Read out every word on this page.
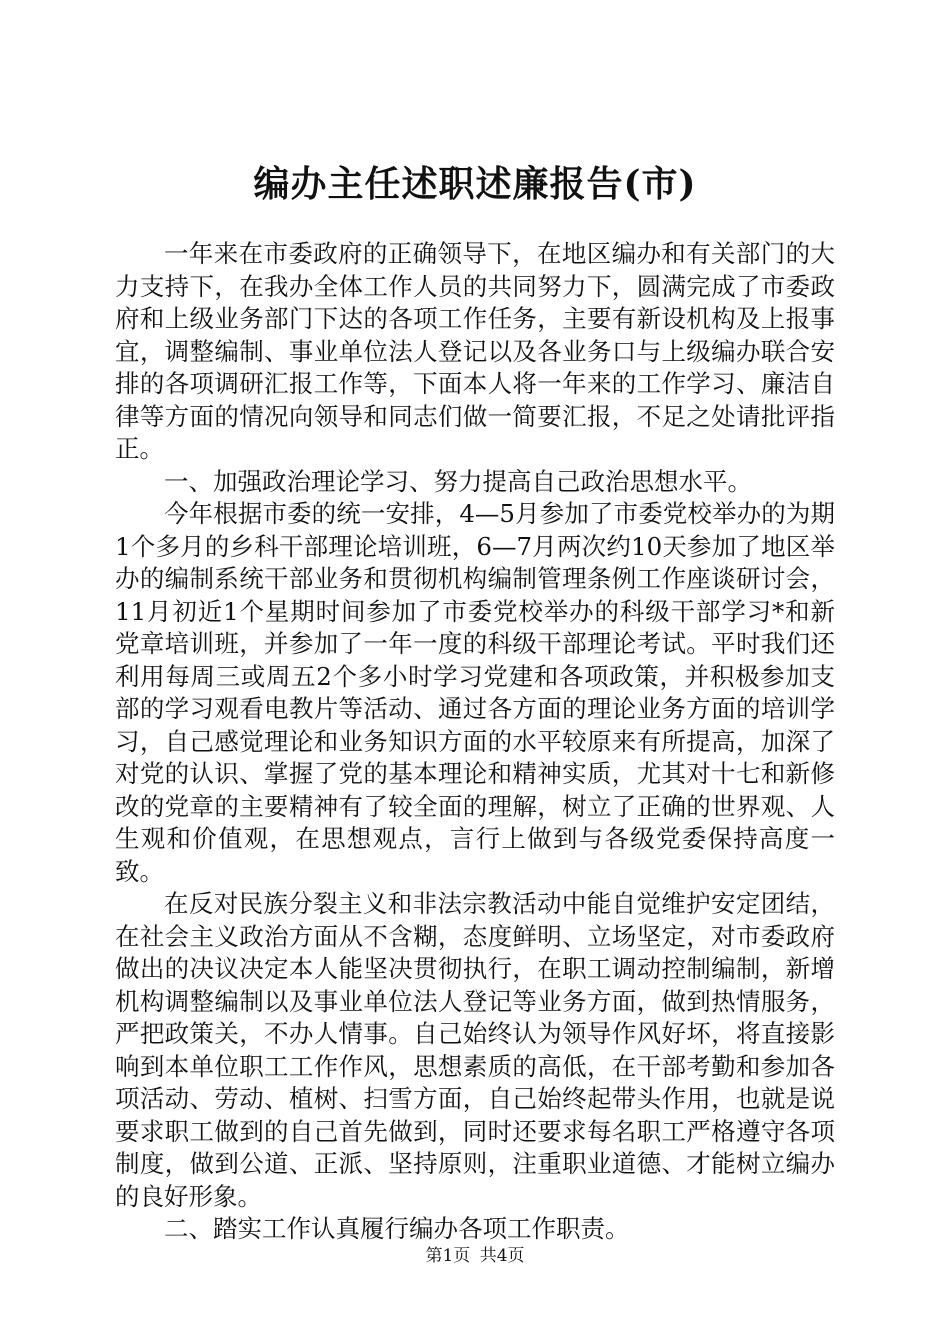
编办主任述职述廉报告(市)

一年来在市委政府的正确领导下，在地区编办和有关部门的大力支持下，在我办全体工作人员的共同努力下，圆满完成了市委政府和上级业务部门下达的各项工作任务，主要有新设机构及上报事宜，调整编制、事业单位法人登记以及各业务口与上级编办联合安排的各项调研汇报工作等，下面本人将一年来的工作学习、廉洁自律等方面的情况向领导和同志们做一简要汇报，不足之处请批评指正。

一、加强政治理论学习、努力提高自己政治思想水平。

今年根据市委的统一安排，4—5月参加了市委党校举办的为期1个多月的乡科干部理论培训班，6—7月两次约10天参加了地区举办的编制系统干部业务和贯彻机构编制管理条例工作座谈研讨会，11月初近1个星期时间参加了市委党校举办的科级干部学习*和新党章培训班，并参加了一年一度的科级干部理论考试。平时我们还利用每周三或周五2个多小时学习党建和各项政策，并积极参加支部的学习观看电教片等活动、通过各方面的理论业务方面的培训学习，自己感觉理论和业务知识方面的水平较原来有所提高，加深了对党的认识、掌握了党的基本理论和精神实质，尤其对十七和新修改的党章的主要精神有了较全面的理解，树立了正确的世界观、人生观和价值观，在思想观点，言行上做到与各级党委保持高度一致。

在反对民族分裂主义和非法宗教活动中能自觉维护安定团结，在社会主义政治方面从不含糊，态度鲜明、立场坚定，对市委政府做出的决议决定本人能坚决贯彻执行，在职工调动控制编制，新增机构调整编制以及事业单位法人登记等业务方面，做到热情服务，严把政策关，不办人情事。自己始终认为领导作风好坏，将直接影响到本单位职工工作作风，思想素质的高低，在干部考勤和参加各项活动、劳动、植树、扫雪方面，自己始终起带头作用，也就是说要求职工做到的自己首先做到，同时还要求每名职工严格遵守各项制度，做到公道、正派、坚持原则，注重职业道德、才能树立编办的良好形象。

二、踏实工作认真履行编办各项工作职责。

第1页 共4页
